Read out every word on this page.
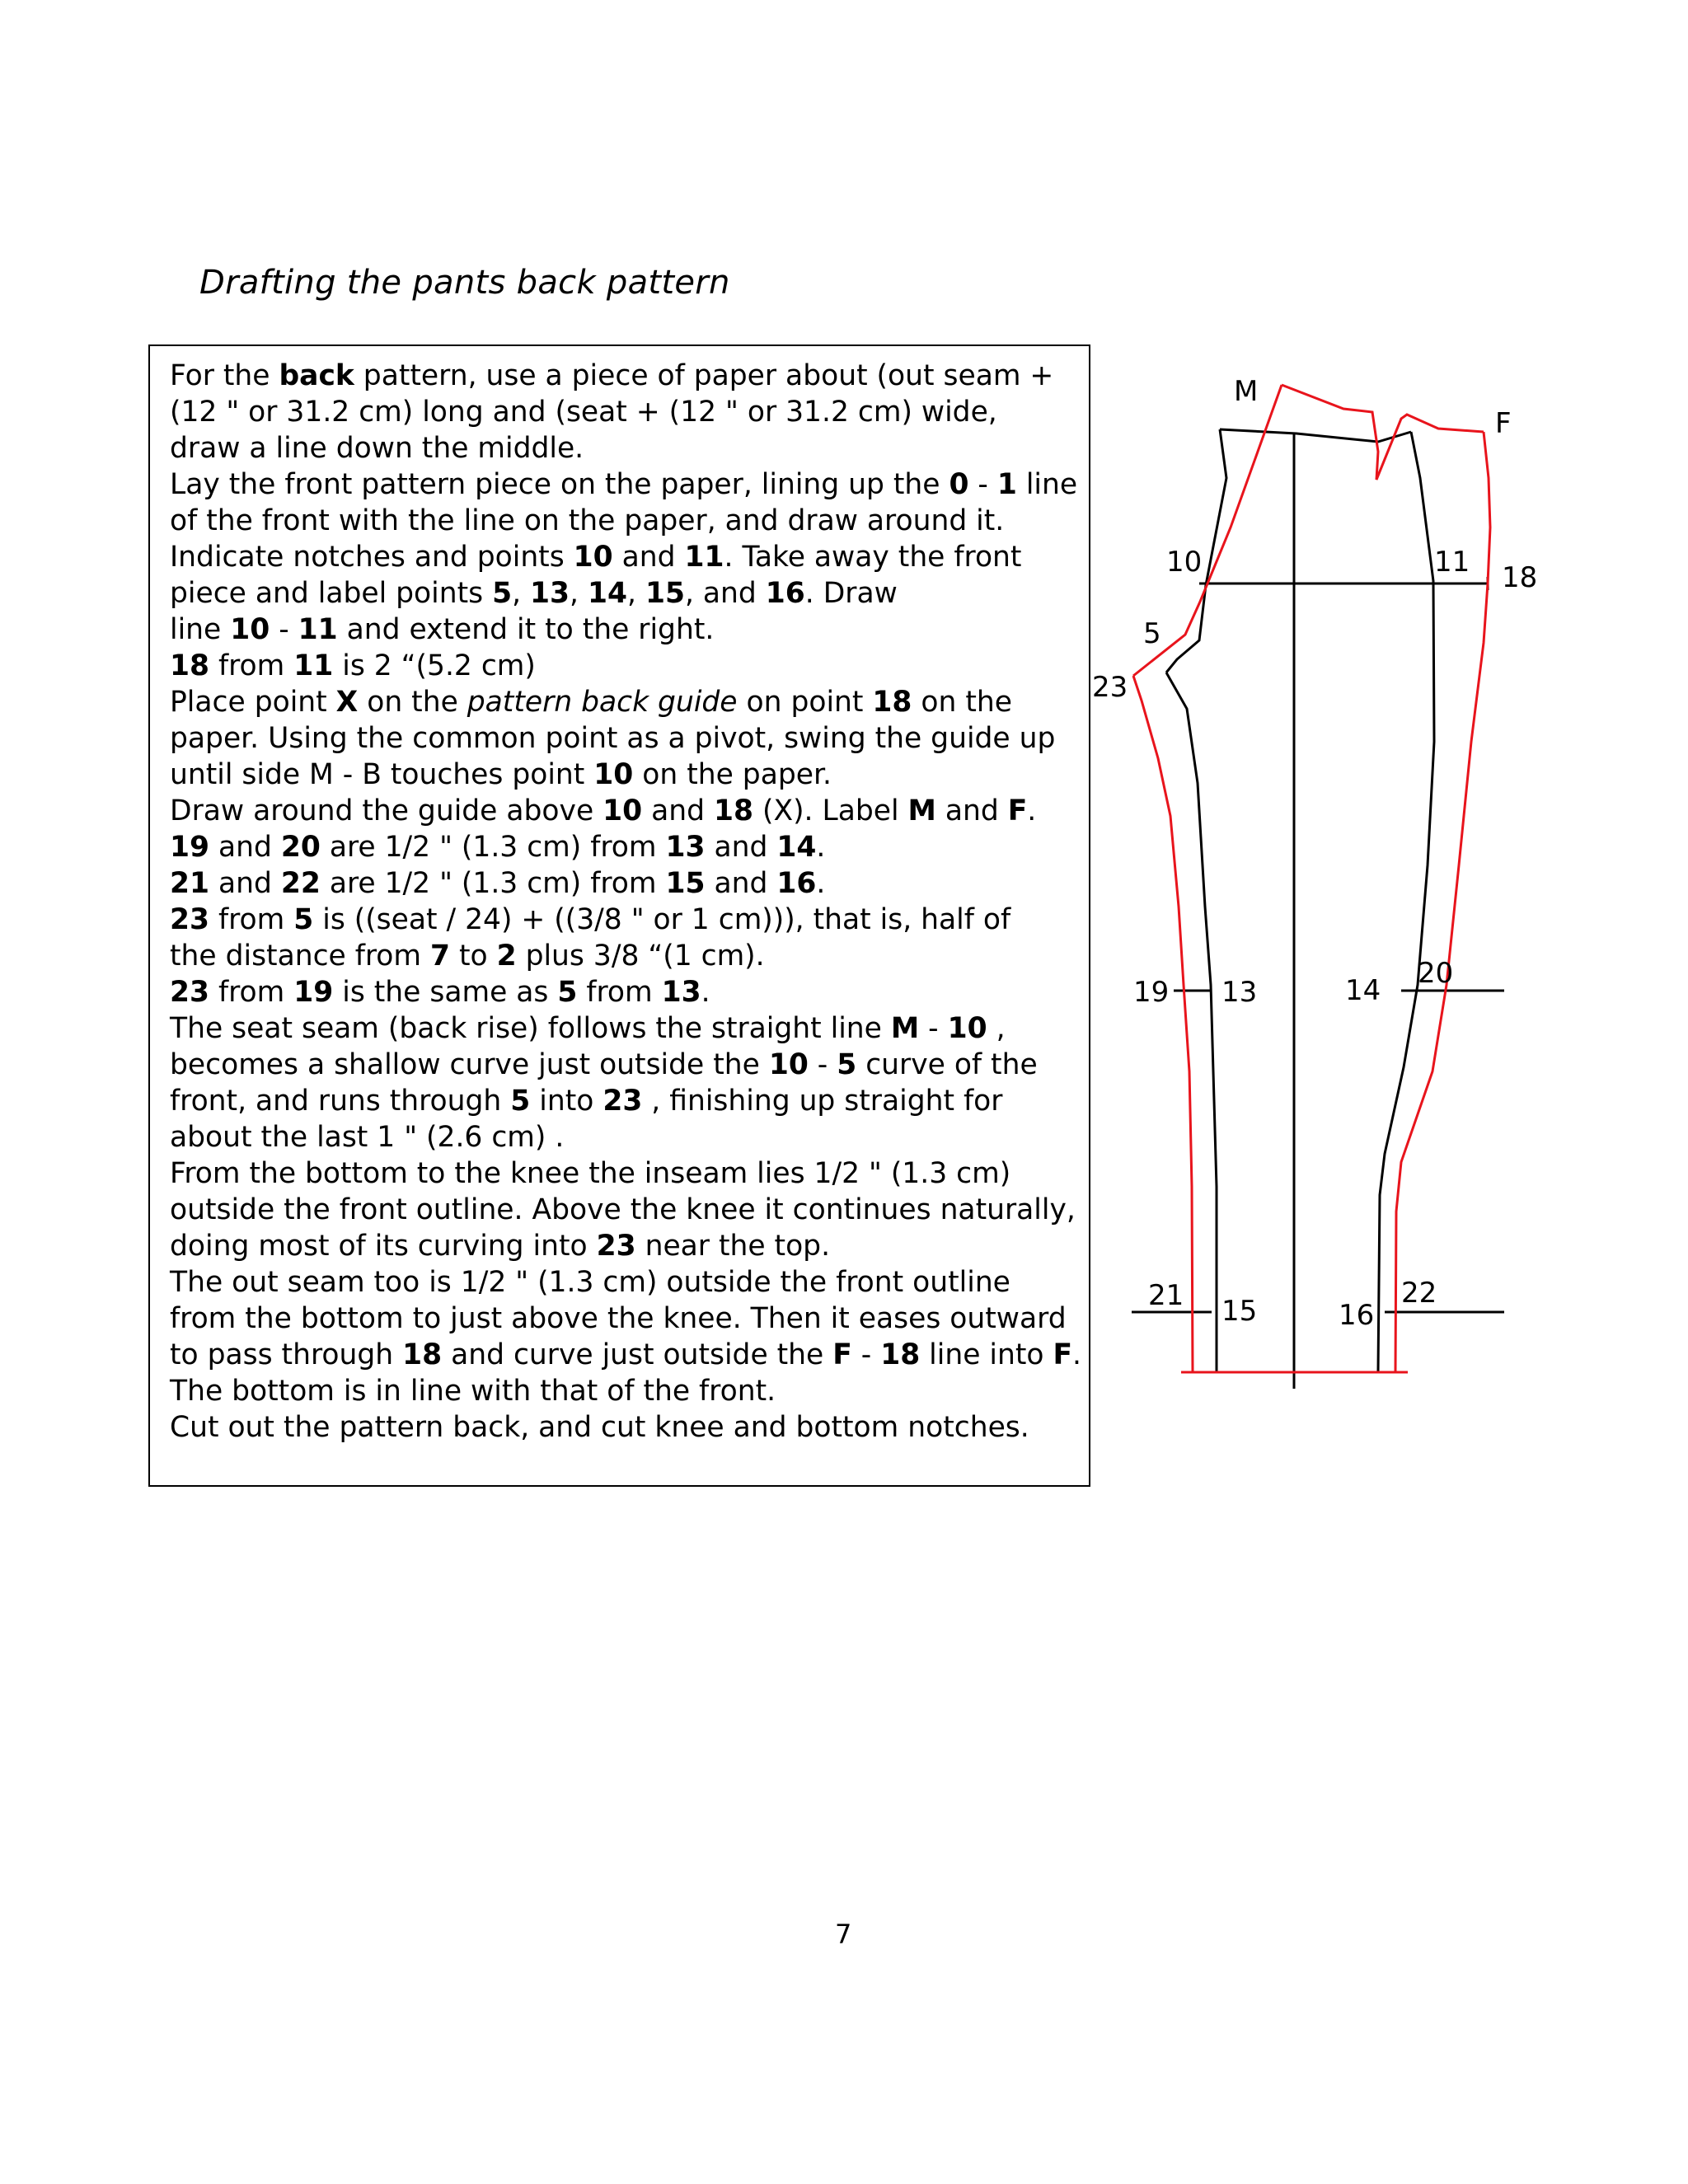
Drafting the pants back pattern
For the back pattern, use a piece of paper about (out seam +
(12 " or 31.2 cm) long and (seat + (12 " or 31.2 cm) wide,
draw a line down the middle.
Lay the front pattern piece on the paper, lining up the 0 - 1 line
of the front with the line on the paper, and draw around it.
Indicate notches and points 10 and 11. Take away the front
piece and label points 5, 13, 14, 15, and 16. Draw
line 10 - 11 and extend it to the right.
18 from 11 is 2 “(5.2 cm)
Place point X on the pattern back guide on point 18 on the
paper. Using the common point as a pivot, swing the guide up
until side M - B touches point 10 on the paper.
Draw around the guide above 10 and 18 (X). Label M and F.
19 and 20 are 1/2 " (1.3 cm) from 13 and 14.
21 and 22 are 1/2 " (1.3 cm) from 15 and 16.
23 from 5 is ((seat / 24) + ((3/8 " or 1 cm))), that is, half of
the distance from 7 to 2 plus 3/8 “(1 cm).
23 from 19 is the same as 5 from 13.
The seat seam (back rise) follows the straight line M - 10 ,
becomes a shallow curve just outside the 10 - 5 curve of the
front, and runs through 5 into 23 , finishing up straight for
about the last 1 " (2.6 cm) .
From the bottom to the knee the inseam lies 1/2 " (1.3 cm)
outside the front outline. Above the knee it continues naturally,
doing most of its curving into 23 near the top.
The out seam too is 1/2 " (1.3 cm) outside the front outline
from the bottom to just above the knee. Then it eases outward
to pass through 18 and curve just outside the F - 18 line into F.
The bottom is in line with that of the front.
Cut out the pattern back, and cut knee and bottom notches.
M
F
10	11 18
5
23
19 13	14
20
21 15	16
22
7
